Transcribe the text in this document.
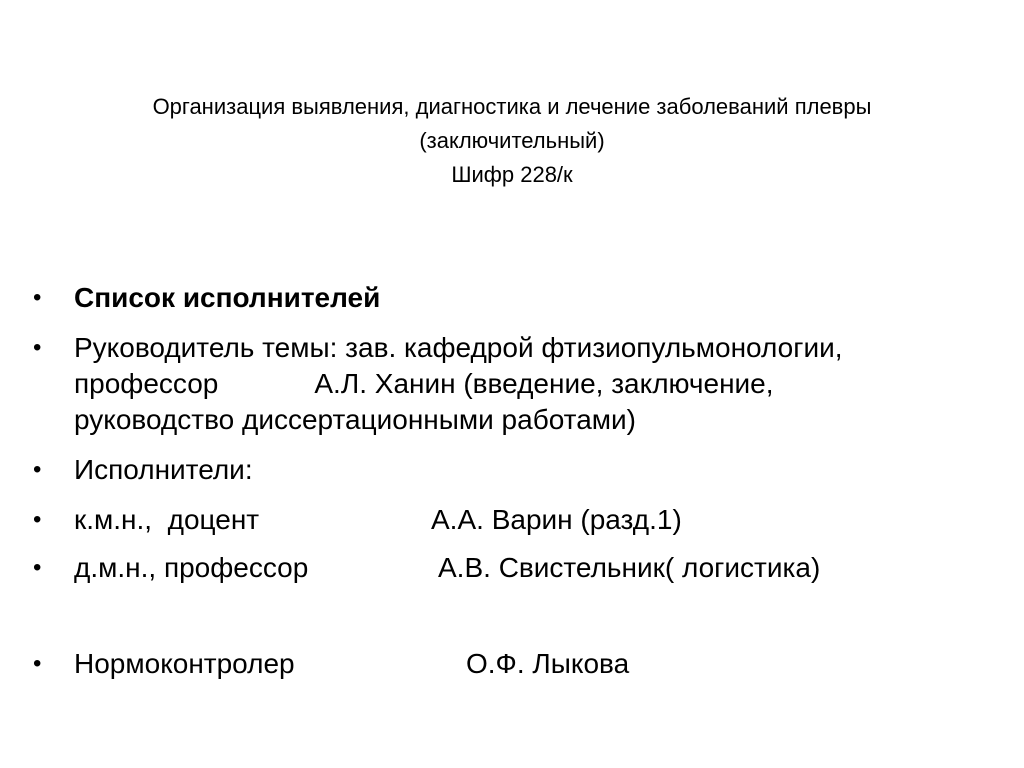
Организация выявления, диагностика и лечение заболеваний плевры
(заключительный)
Шифр 228/к
• Список исполнителей
• Руководитель темы: зав. кафедрой фтизиопульмонологии,
профессор	А.Л. Ханин (введение, заключение,
руководство диссертационными работами)
• Исполнители:
• к.м.н.,  доцент	А.А. Варин (разд.1)
• д.м.н., профессор	А.В. Свистельник( логистика)
• Нормоконтролер	О.Ф. Лыкова
